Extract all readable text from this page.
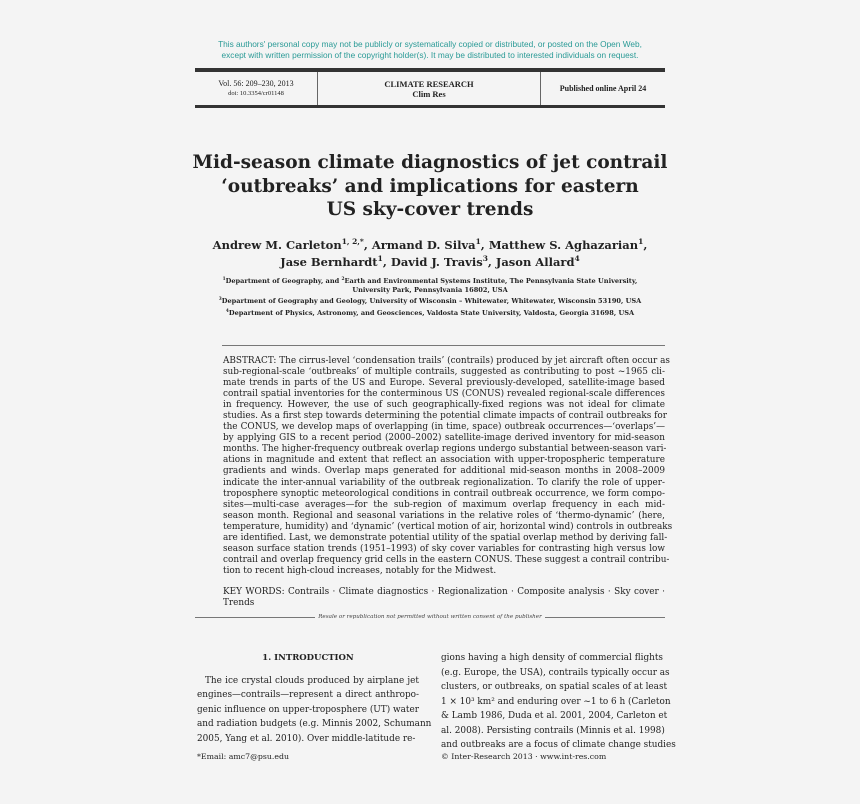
This authors' personal copy may not be publicly or systematically copied or distributed, or posted on the Open Web,
except with written permission of the copyright holder(s). It may be distributed to interested individuals on request.
Vol. 56: 209–230, 2013
doi: 10.3354/cr01148
CLIMATE RESEARCH
Clim Res	Published online April 24
Mid-season climate diagnostics of jet contrail
‘outbreaks’ and implications for eastern
US sky-cover trends
Andrew M. Carleton$^{1, 2,*}$, Armand D. Silva$^1$, Matthew S. Aghazarian$^1$,
Jase Bernhardt$^1$, David J. Travis$^3$, Jason Allard$^4$
$^1$Department of Geography, and $^2$Earth and Environmental Systems Institute, The Pennsylvania State University,
University Park, Pennsylvania 16802, USA
$^3$Department of Geography and Geology, University of Wisconsin – Whitewater, Whitewater, Wisconsin 53190, USA
$^4$Department of Physics, Astronomy, and Geosciences, Valdosta State University, Valdosta, Georgia 31698, USA
ABSTRACT: The cirrus-level ‘condensation trails’ (contrails) produced by jet aircraft often occur as
sub-regional-scale ‘outbreaks’ of multiple contrails, suggested as contributing to post ~1965 cli-
mate trends in parts of the US and Europe. Several previously-developed, satellite-image based
contrail spatial inventories for the conterminous US (CONUS) revealed regional-scale differences
in frequency. However, the use of such geographically-fixed regions was not ideal for climate
studies. As a first step towards determining the potential climate impacts of contrail outbreaks for
the CONUS, we develop maps of overlapping (in time, space) outbreak occurrences—‘overlaps’—
by applying GIS to a recent period (2000–2002) satellite-image derived inventory for mid-season
months. The higher-frequency outbreak overlap regions undergo substantial between-season vari-
ations in magnitude and extent that reflect an association with upper-tropospheric temperature
gradients and winds. Overlap maps generated for additional mid-season months in 2008–2009
indicate the inter-annual variability of the outbreak regionalization. To clarify the role of upper-
troposphere synoptic meteorological conditions in contrail outbreak occurrence, we form compo-
sites—multi-case averages—for the sub-region of maximum overlap frequency in each mid-
season month. Regional and seasonal variations in the relative roles of ‘thermo-dynamic’ (here,
temperature, humidity) and ‘dynamic’ (vertical motion of air, horizontal wind) controls in outbreaks
are identified. Last, we demonstrate potential utility of the spatial overlap method by deriving fall-
season surface station trends (1951–1993) of sky cover variables for contrasting high versus low
contrail and overlap frequency grid cells in the eastern CONUS. These suggest a contrail contribu-
tion to recent high-cloud increases, notably for the Midwest.
KEY WORDS: Contrails · Climate diagnostics · Regionalization · Composite analysis · Sky cover ·
Trends
Resale or republication not permitted without written consent of the publisher
1. INTRODUCTION
The ice crystal clouds produced by airplane jet
engines—contrails—represent a direct anthropo-
genic influence on upper-troposphere (UT) water
and radiation budgets (e.g. Minnis 2002, Schumann
2005, Yang et al. 2010). Over middle-latitude re-
gions having a high density of commercial flights
(e.g. Europe, the USA), contrails typically occur as
clusters, or outbreaks, on spatial scales of at least
1 × 10³ km² and enduring over ~1 to 6 h (Carleton
& Lamb 1986, Duda et al. 2001, 2004, Carleton et
al. 2008). Persisting contrails (Minnis et al. 1998)
and outbreaks are a focus of climate change studies
*Email: amc7@psu.edu	© Inter-Research 2013 · www.int-res.com
